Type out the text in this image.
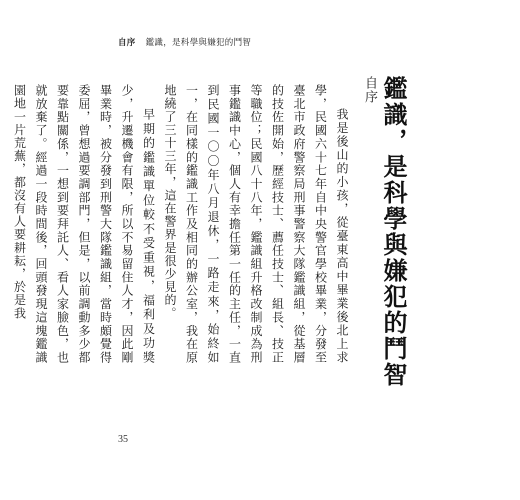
自序 鑑識，是科學與嫌犯的鬥智
自序 鑑識，是科學與嫌犯的鬥智

我是後山的小孩，從臺東高中畢業後北上求學，民國六十七年自中央警官學校畢業，分發至臺北市政府警察局刑事警察大隊鑑識組，從基層的技佐開始，歷經技士、薦任技士、組長、技正等職位；民國八十八年，鑑識組升格改制成為刑事鑑識中心，個人有幸擔任第一任的主任，一直到民國一〇〇年八月退休，一路走來，始終如一，在同樣的鑑識工作及相同的辦公室，我在原地繞了三十三年，這在警界是很少見的。

早期的鑑識單位較不受重視，福利及功獎少，升遷機會有限，所以不易留住人才，因此剛畢業時，被分發到刑警大隊鑑識組，當時頗覺得委屈，曾想過要調部門，但是，以前調動多少都要靠點關係，一想到要拜託人、看人家臉色，也就放棄了。經過一段時間後，回頭發現這塊鑑識園地一片荒蕪，都沒有人要耕耘，於是我

35
